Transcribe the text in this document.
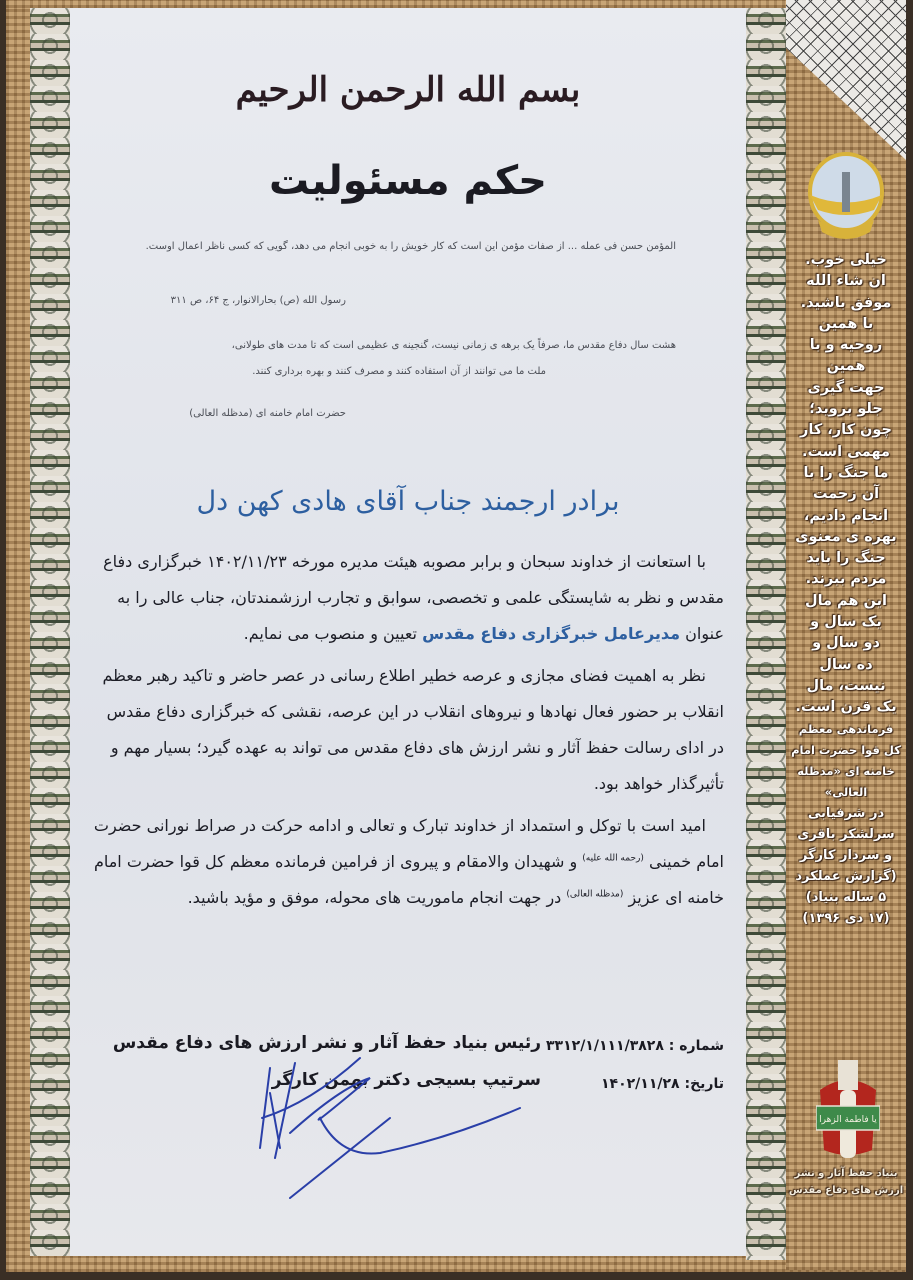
بسم الله الرحمن الرحیم
حکم مسئولیت
المؤمن حسن فی عمله ... از صفات مؤمن این است که کار خویش را به خوبی انجام می دهد، گویی که کسی ناظر اعمال اوست.
رسول الله (ص) بحارالانوار، ج ۶۴، ص ۳۱۱
هشت سال دفاع مقدس ما، صرفاً یک برهه ی زمانی نیست، گنجینه ی عظیمی است که تا مدت های طولانی،
ملت ما می توانند از آن استفاده کنند و مصرف کنند و بهره برداری کنند.
حضرت امام خامنه ای (مدظله العالی)
برادر ارجمند جناب آقای هادی کهن دل

با استعانت از خداوند سبحان و برابر مصوبه هیئت مدیره مورخه ۱۴۰۲/۱۱/۲۳ خبرگزاری دفاع مقدس و نظر به شایستگی علمی و تخصصی، سوابق و تجارب ارزشمندتان، جناب عالی را به عنوان مدیرعامل خبرگزاری دفاع مقدس تعیین و منصوب می نمایم.

نظر به اهمیت فضای مجازی و عرصه خطیر اطلاع رسانی در عصر حاضر و تاکید رهبر معظم انقلاب بر حضور فعال نهادها و نیروهای انقلاب در این عرصه، نقشی که خبرگزاری دفاع مقدس در ادای رسالت حفظ آثار و نشر ارزش های دفاع مقدس می تواند به عهده گیرد؛ بسیار مهم و تأثیرگذار خواهد بود.

امید است با توکل و استمداد از خداوند تبارک و تعالی و ادامه حرکت در صراط نورانی حضرت امام خمینی $^{(رحمه الله علیه)}$ و شهیدان والامقام و پیروی از فرامین فرمانده معظم کل قوا حضرت امام خامنه ای عزیز $^{(مدظله العالی)}$ در جهت انجام ماموریت های محوله، موفق و مؤید باشید.

رئیس بنیاد حفظ آثار و نشر ارزش های دفاع مقدس
سرتیپ بسیجی دکتر بهمن کارگر
شماره : ۳۳۱۲/۱/۱۱۱/۳۸۲۸
تاریخ: ۱۴۰۲/۱۱/۲۸
خیلی خوب.
ان شاء الله
موفق باشید.
با همین
روحیه و با
همین
جهت گیری
جلو بروید؛
چون کار، کار
مهمی است.
ما جنگ را با
آن زحمت
انجام دادیم،
بهره ی معنوی
جنگ را باید
مردم ببرند.
این هم مال
یک سال و
دو سال و
ده سال
نیست، مال
یک قرن است.
فرماندهی معظم
کل قوا حضرت امام
خامنه ای «مدظله العالی»
در شرفیابی
سرلشکر باقری
و سردار کارگر
(گزارش عملکرد
۵ ساله بنیاد)
(۱۷ دی ۱۳۹۶)
یا فاطمة الزهرا
بنیاد حفظ آثار و نشر
ارزش های دفاع مقدس
